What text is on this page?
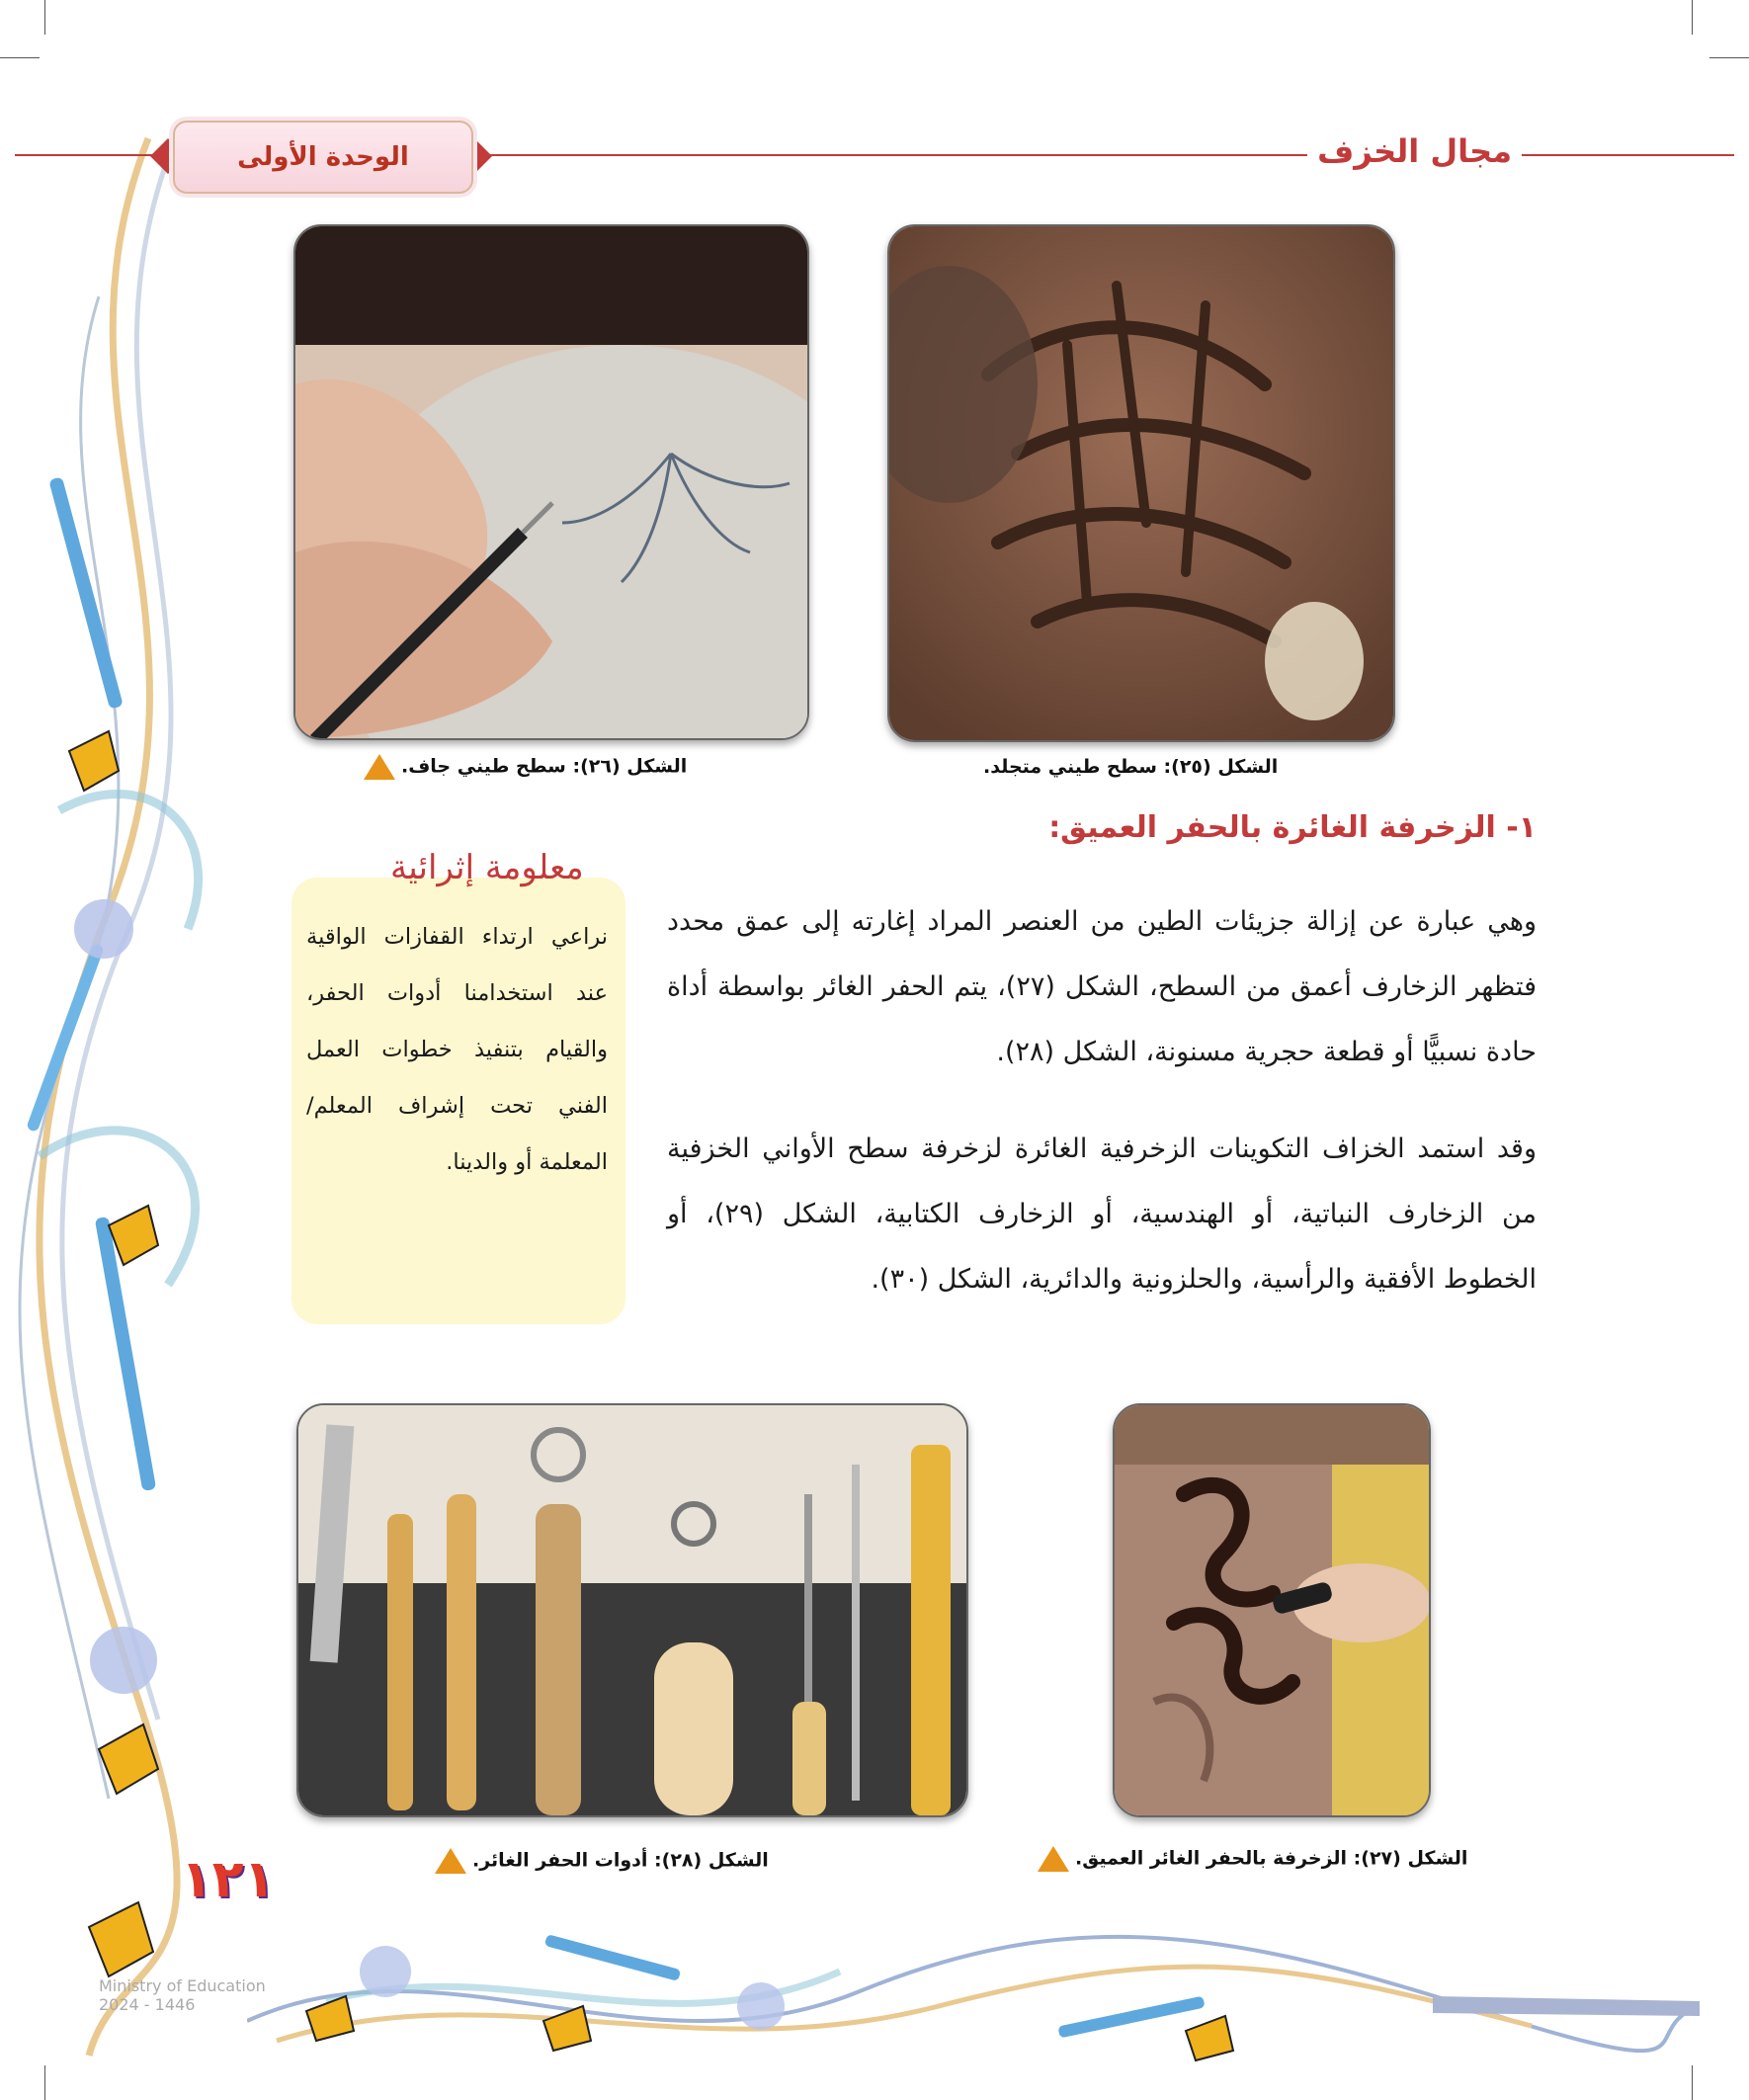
الوحدة الأولى	مجال الخزف
الشكل (٢٥): سطح طيني متجلد.
الشكل (٢٦): سطح طيني جاف.
١- الزخرفة الغائرة بالحفر العميق:
وهي عبارة عن إزالة جزيئات الطين من العنصر المراد إغارته إلى عمق محدد فتظهر الزخارف أعمق من السطح، الشكل (٢٧)، يتم الحفر الغائر بواسطة أداة حادة نسبيًّا أو قطعة حجرية مسنونة، الشكل (٢٨).
وقد استمد الخزاف التكوينات الزخرفية الغائرة لزخرفة سطح الأواني الخزفية من الزخارف النباتية، أو الهندسية، أو الزخارف الكتابية، الشكل (٢٩)، أو الخطوط الأفقية والرأسية، والحلزونية والدائرية، الشكل (٣٠).
معلومة إثرائية
نراعي ارتداء القفازات الواقية عند استخدامنا أدوات الحفر، والقيام بتنفيذ خطوات العمل الفني تحت إشراف المعلم/ المعلمة أو والدينا.
الشكل (٢٧): الزخرفة بالحفر الغائر العميق.
الشكل (٢٨): أدوات الحفر الغائر.
١٢١
Ministry of Education
2024 - 1446
